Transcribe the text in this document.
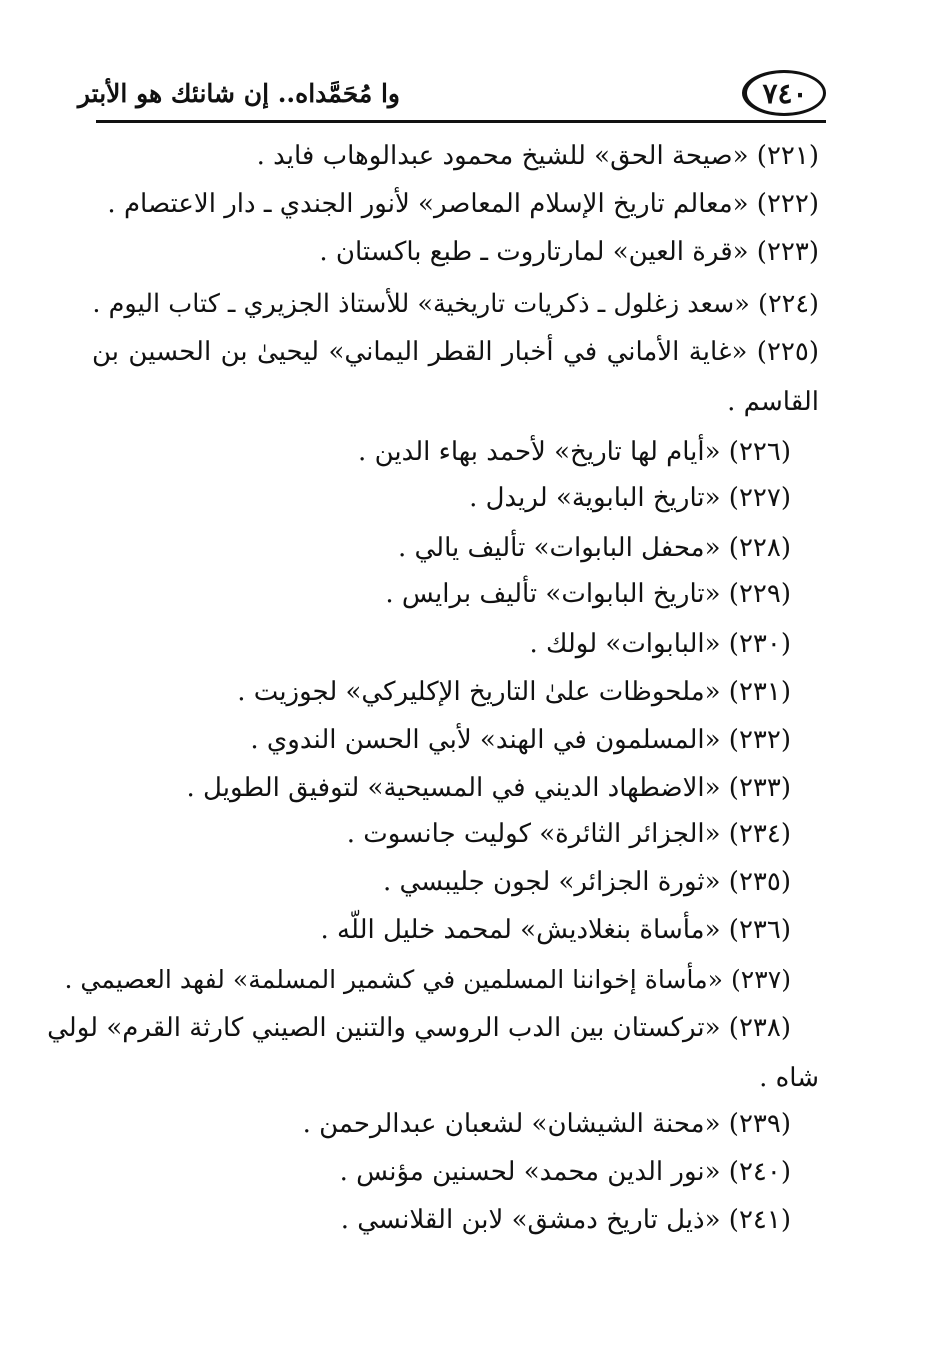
٧٤٠
وا مُحَمَّداه.. إن شانئك هو الأبتر
(٢٢١) «صيحة الحق» للشيخ محمود عبدالوهاب فايد .
(٢٢٢) «معالم تاريخ الإسلام المعاصر» لأنور الجندي ـ دار الاعتصام .
(٢٢٣) «قرة العين» لمارتاروت ـ طبع باكستان .
(٢٢٤) «سعد زغلول ـ ذكريات تاريخية» للأستاذ الجزيري ـ كتاب اليوم .
(٢٢٥) «غاية الأماني في أخبار القطر اليماني» ليحيىٰ بن الحسين بن
القاسم .
(٢٢٦) «أيام لها تاريخ» لأحمد بهاء الدين .
(٢٢٧) «تاريخ البابوية» لريدل .
(٢٢٨) «محفل البابوات» تأليف يالي .
(٢٢٩) «تاريخ البابوات» تأليف برايس .
(٢٣٠) «البابوات» لولك .
(٢٣١) «ملحوظات علىٰ التاريخ الإكليركي» لجوزيت .
(٢٣٢) «المسلمون في الهند» لأبي الحسن الندوي .
(٢٣٣) «الاضطهاد الديني في المسيحية» لتوفيق الطويل .
(٢٣٤) «الجزائر الثائرة» كوليت جانسوت .
(٢٣٥) «ثورة الجزائر» لجون جليبسي .
(٢٣٦) «مأساة بنغلاديش» لمحمد خليل اللّه .
(٢٣٧) «مأساة إخواننا المسلمين في كشمير المسلمة» لفهد العصيمي .
(٢٣٨) «تركستان بين الدب الروسي والتنين الصيني كارثة القرم» لولي
شاه .
(٢٣٩) «محنة الشيشان» لشعبان عبدالرحمن .
(٢٤٠) «نور الدين محمد» لحسنين مؤنس .
(٢٤١) «ذيل تاريخ دمشق» لابن القلانسي .
